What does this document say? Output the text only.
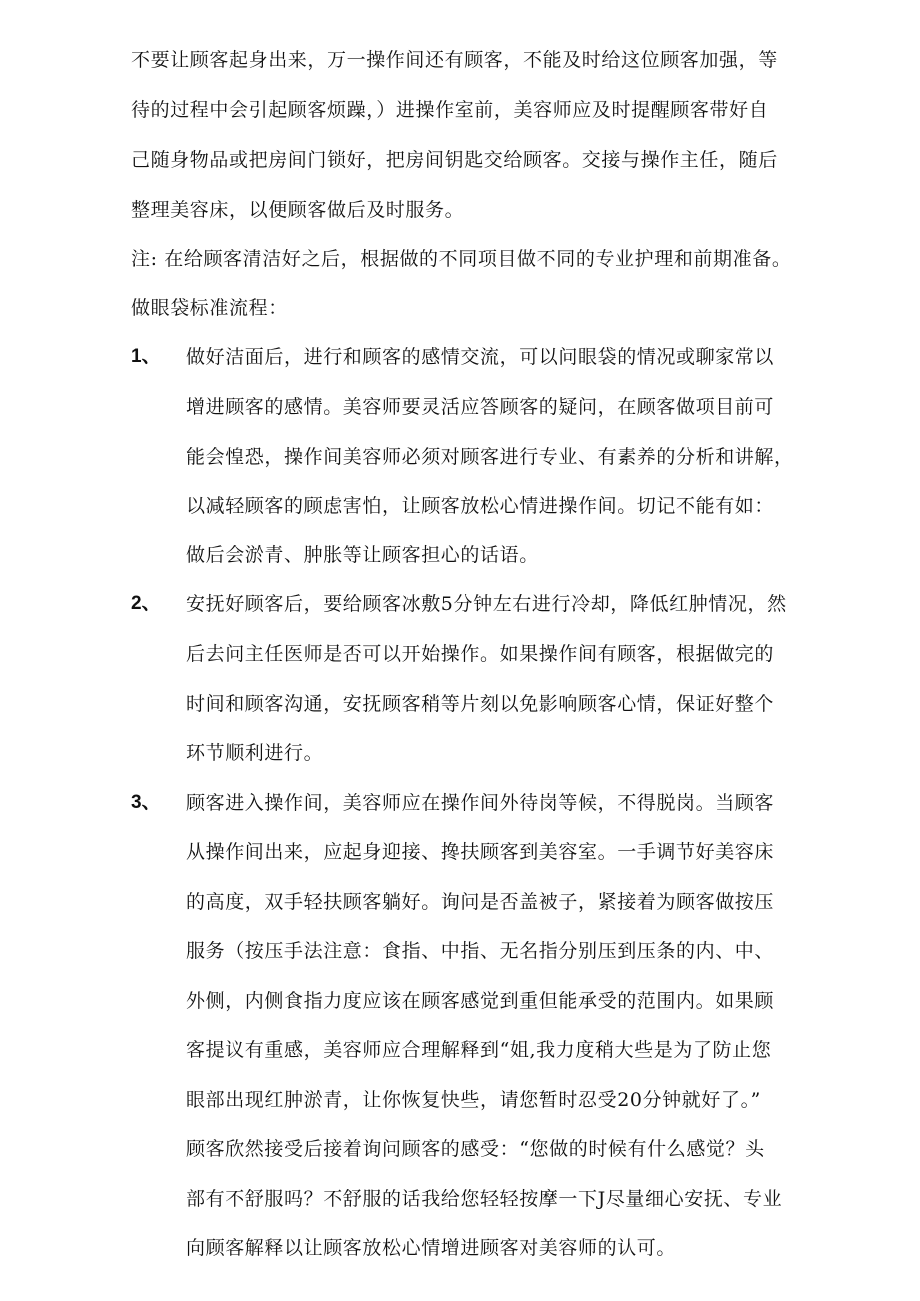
不要让顾客起身出来，万一操作间还有顾客，不能及时给这位顾客加强，等
待的过程中会引起顾客烦躁，）进操作室前，美容师应及时提醒顾客带好自
己随身物品或把房间门锁好，把房间钥匙交给顾客。交接与操作主任，随后
整理美容床，以便顾客做后及时服务。
注: 在给顾客清洁好之后，根据做的不同项目做不同的专业护理和前期准备。
做眼袋标准流程：
1、 做好洁面后，进行和顾客的感情交流，可以问眼袋的情况或聊家常以
增进顾客的感情。美容师要灵活应答顾客的疑问，在顾客做项目前可
能会惶恐，操作间美容师必须对顾客进行专业、有素养的分析和讲解，
以减轻顾客的顾虑害怕，让顾客放松心情进操作间。切记不能有如：
做后会淤青、肿胀等让顾客担心的话语。
2、 安抚好顾客后，要给顾客冰敷5分钟左右进行冷却，降低红肿情况，然
后去问主任医师是否可以开始操作。如果操作间有顾客，根据做完的
时间和顾客沟通，安抚顾客稍等片刻以免影响顾客心情，保证好整个
环节顺利进行。
3、 顾客进入操作间，美容师应在操作间外待岗等候，不得脱岗。当顾客
从操作间出来，应起身迎接、搀扶顾客到美容室。一手调节好美容床
的高度，双手轻扶顾客躺好。询问是否盖被子，紧接着为顾客做按压
服务（按压手法注意：食指、中指、无名指分别压到压条的内、中、
外侧，内侧食指力度应该在顾客感觉到重但能承受的范围内。如果顾
客提议有重感，美容师应合理解释到“姐,我力度稍大些是为了防止您
眼部出现红肿淤青，让你恢复快些，请您暂时忍受20分钟就好了。”
顾客欣然接受后接着询问顾客的感受：“您做的时候有什么感觉？头
部有不舒服吗？不舒服的话我给您轻轻按摩一下J尽量细心安抚、专业
向顾客解释以让顾客放松心情增进顾客对美容师的认可。
